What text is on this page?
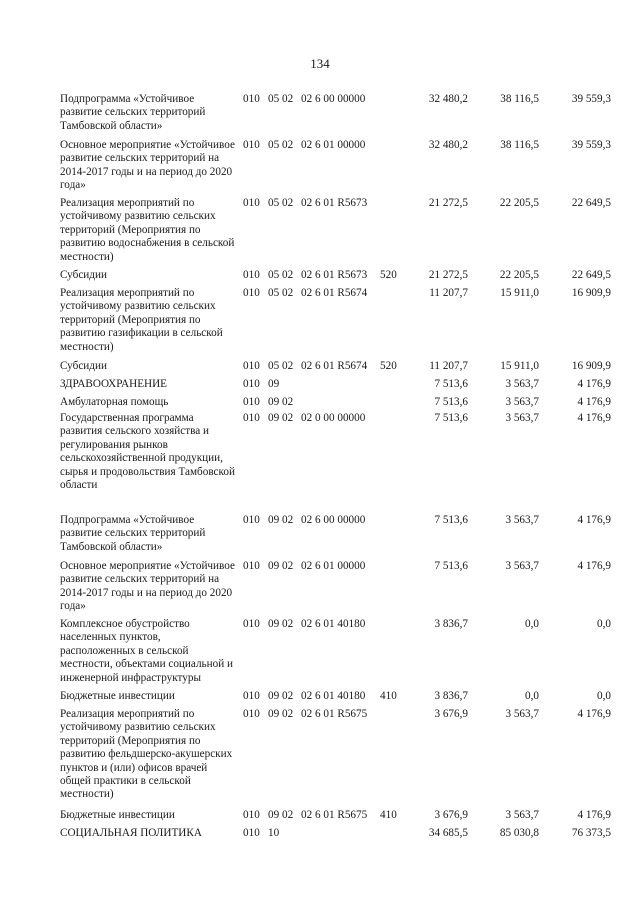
134
Подпрограмма «Устойчивое развитие сельских территорий Тамбовской области»
010 05 02 02 6 00 00000	32 480,2	38 116,5	39 559,3
Основное мероприятие «Устойчивое развитие сельских территорий на 2014-2017 годы и на период до 2020 года»
010 05 02 02 6 01 00000	32 480,2	38 116,5	39 559,3
Реализация мероприятий по устойчивому развитию сельских территорий (Мероприятия по развитию водоснабжения в сельской местности)
010 05 02 02 6 01 R5673	21 272,5	22 205,5	22 649,5
Субсидии	010 05 02 02 6 01 R5673 520	21 272,5	22 205,5	22 649,5
Реализация мероприятий по устойчивому развитию сельских территорий (Мероприятия по развитию газификации в сельской местности)
010 05 02 02 6 01 R5674	11 207,7	15 911,0	16 909,9
Субсидии	010 05 02 02 6 01 R5674 520	11 207,7	15 911,0	16 909,9
ЗДРАВООХРАНЕНИЕ	010 09	7 513,6	3 563,7	4 176,9
Амбулаторная помощь	010 09 02	7 513,6	3 563,7	4 176,9
Государственная программа развития сельского хозяйства и регулирования рынков сельскохозяйственной продукции, сырья и продовольствия Тамбовской области
010 09 02 02 0 00 00000	7 513,6	3 563,7	4 176,9
Подпрограмма «Устойчивое развитие сельских территорий Тамбовской области»
010 09 02 02 6 00 00000	7 513,6	3 563,7	4 176,9
Основное мероприятие «Устойчивое развитие сельских территорий на 2014-2017 годы и на период до 2020 года»
010 09 02 02 6 01 00000	7 513,6	3 563,7	4 176,9
Комплексное обустройство населенных пунктов, расположенных в сельской местности, объектами социальной и инженерной инфраструктуры
010 09 02 02 6 01 40180	3 836,7	0,0	0,0
Бюджетные инвестиции	010 09 02 02 6 01 40180 410	3 836,7	0,0	0,0
Реализация мероприятий по устойчивому развитию сельских территорий (Мероприятия по развитию фельдшерско-акушерских пунктов и (или) офисов врачей общей практики в сельской местности)
010 09 02 02 6 01 R5675	3 676,9	3 563,7	4 176,9
Бюджетные инвестиции	010 09 02 02 6 01 R5675 410	3 676,9	3 563,7	4 176,9
СОЦИАЛЬНАЯ ПОЛИТИКА	010 10	34 685,5	85 030,8	76 373,5
